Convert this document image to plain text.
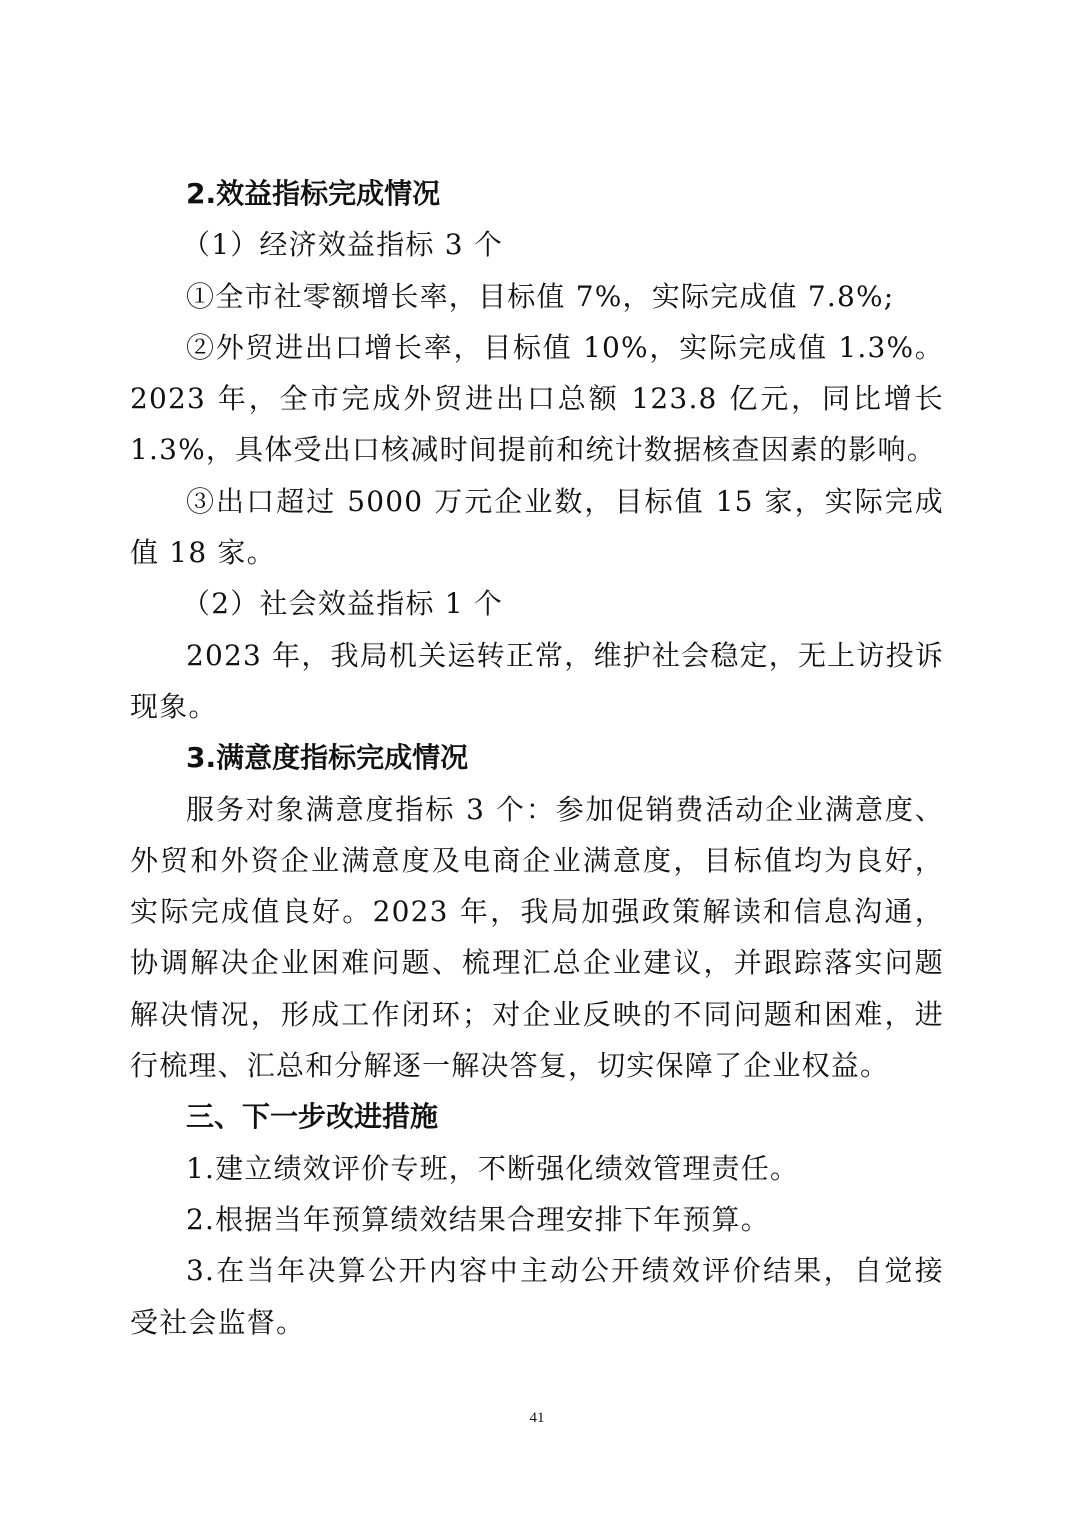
2.效益指标完成情况

（1）经济效益指标 3 个

①全市社零额增长率，目标值 7%，实际完成值 7.8%;

②外贸进出口增长率，目标值 10%，实际完成值 1.3%。2023 年，全市完成外贸进出口总额 123.8 亿元，同比增长 1.3%，具体受出口核减时间提前和统计数据核查因素的影响。

③出口超过 5000 万元企业数，目标值 15 家，实际完成值 18 家。

（2）社会效益指标 1 个

2023 年，我局机关运转正常，维护社会稳定，无上访投诉现象。

3.满意度指标完成情况

服务对象满意度指标 3 个：参加促销费活动企业满意度、外贸和外资企业满意度及电商企业满意度，目标值均为良好，实际完成值良好。2023 年，我局加强政策解读和信息沟通，协调解决企业困难问题、梳理汇总企业建议，并跟踪落实问题解决情况，形成工作闭环；对企业反映的不同问题和困难，进行梳理、汇总和分解逐一解决答复，切实保障了企业权益。

三、下一步改进措施

1.建立绩效评价专班，不断强化绩效管理责任。

2.根据当年预算绩效结果合理安排下年预算。

3.在当年决算公开内容中主动公开绩效评价结果，自觉接受社会监督。

41
